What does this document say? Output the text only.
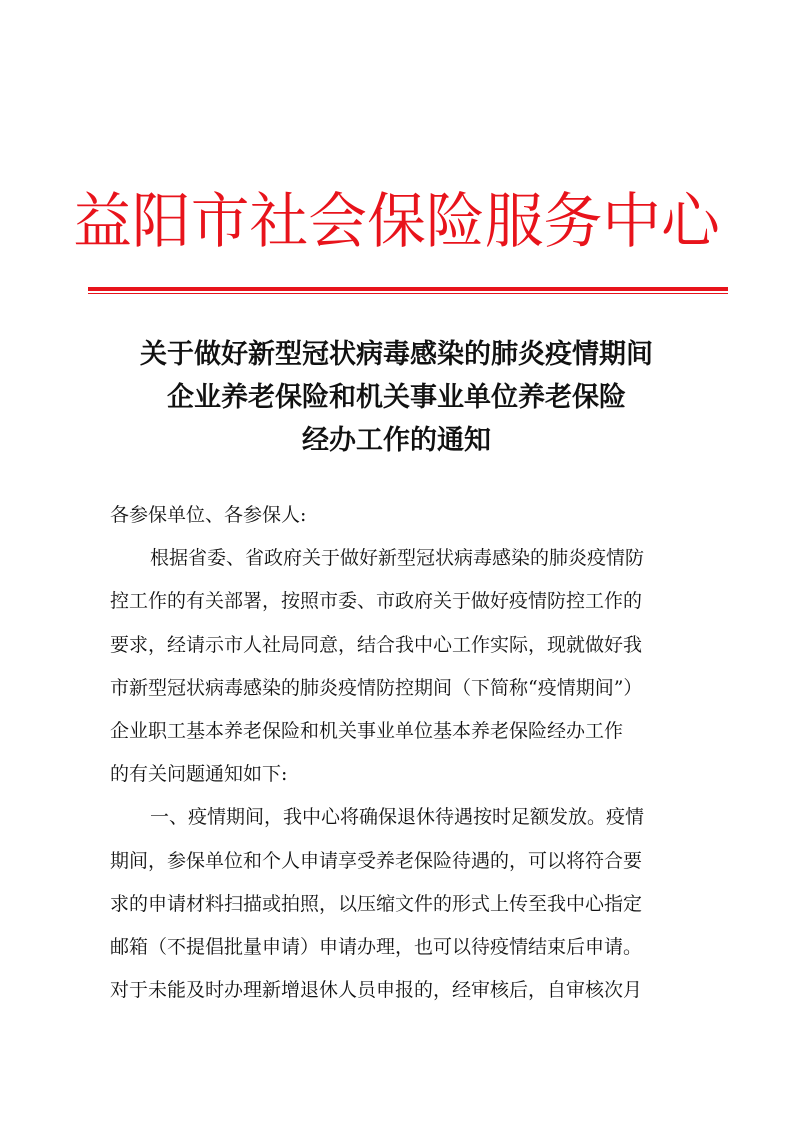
益阳市社会保险服务中心
关于做好新型冠状病毒感染的肺炎疫情期间
企业养老保险和机关事业单位养老保险
经办工作的通知
各参保单位、各参保人:
根据省委、省政府关于做好新型冠状病毒感染的肺炎疫情防
控工作的有关部署，按照市委、市政府关于做好疫情防控工作的
要求，经请示市人社局同意，结合我中心工作实际，现就做好我
市新型冠状病毒感染的肺炎疫情防控期间（下简称“疫情期间”）
企业职工基本养老保险和机关事业单位基本养老保险经办工作
的有关问题通知如下:
一、疫情期间，我中心将确保退休待遇按时足额发放。疫情
期间，参保单位和个人申请享受养老保险待遇的，可以将符合要
求的申请材料扫描或拍照，以压缩文件的形式上传至我中心指定
邮箱（不提倡批量申请）申请办理，也可以待疫情结束后申请。
对于未能及时办理新增退休人员申报的，经审核后，自审核次月
